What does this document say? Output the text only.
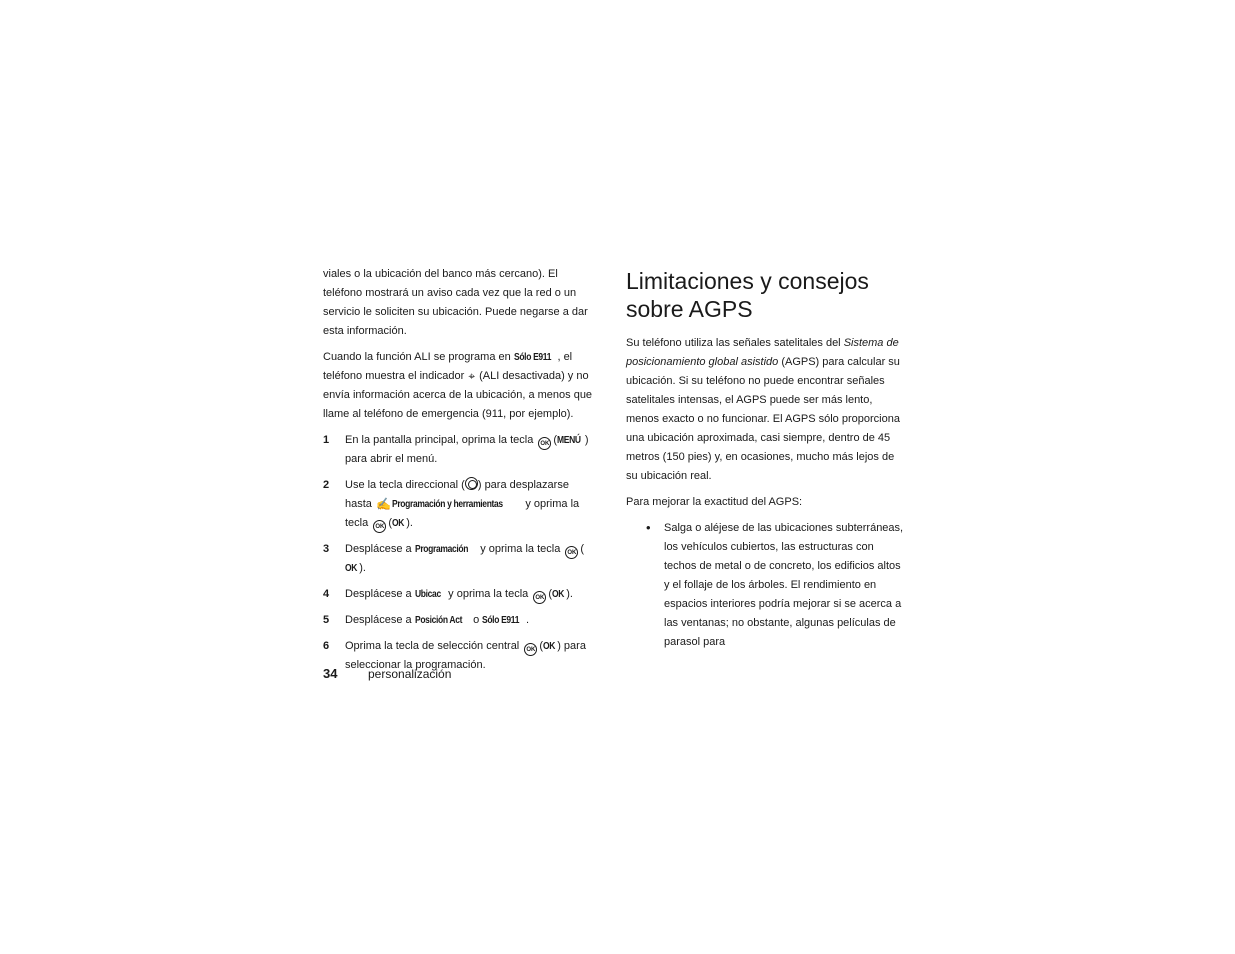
viales o la ubicación del banco más cercano). El teléfono mostrará un aviso cada vez que la red o un servicio le soliciten su ubicación. Puede negarse a dar esta información.

Cuando la función ALI se programa en Sólo E911 , el teléfono muestra el indicador ⌖ (ALI desactivada) y no envía información acerca de la ubicación, a menos que llame al teléfono de emergencia (911, por ejemplo).

1 En la pantalla principal, oprima la tecla OK (MENÚ ) para abrir el menú.
2 Use la tecla direccional ( ) para desplazarse hasta ✍Programación y herramientas y oprima la tecla OK (OK ).
3 Desplácese a Programación y oprima la tecla OK (OK ).
4 Desplácese a Ubicac y oprima la tecla OK (OK ).
5 Desplácese a Posición Act o Sólo E911 .
6 Oprima la tecla de selección central OK (OK ) para seleccionar la programación.
34	personalización
Limitaciones y consejos sobre AGPS

Su teléfono utiliza las señales satelitales del Sistema de posicionamiento global asistido (AGPS) para calcular su ubicación. Si su teléfono no puede encontrar señales satelitales intensas, el AGPS puede ser más lento, menos exacto o no funcionar. El AGPS sólo proporciona una ubicación aproximada, casi siempre, dentro de 45 metros (150 pies) y, en ocasiones, mucho más lejos de su ubicación real.

Para mejorar la exactitud del AGPS:

• Salga o aléjese de las ubicaciones subterráneas, los vehículos cubiertos, las estructuras con techos de metal o de concreto, los edificios altos y el follaje de los árboles. El rendimiento en espacios interiores podría mejorar si se acerca a las ventanas; no obstante, algunas películas de parasol para
